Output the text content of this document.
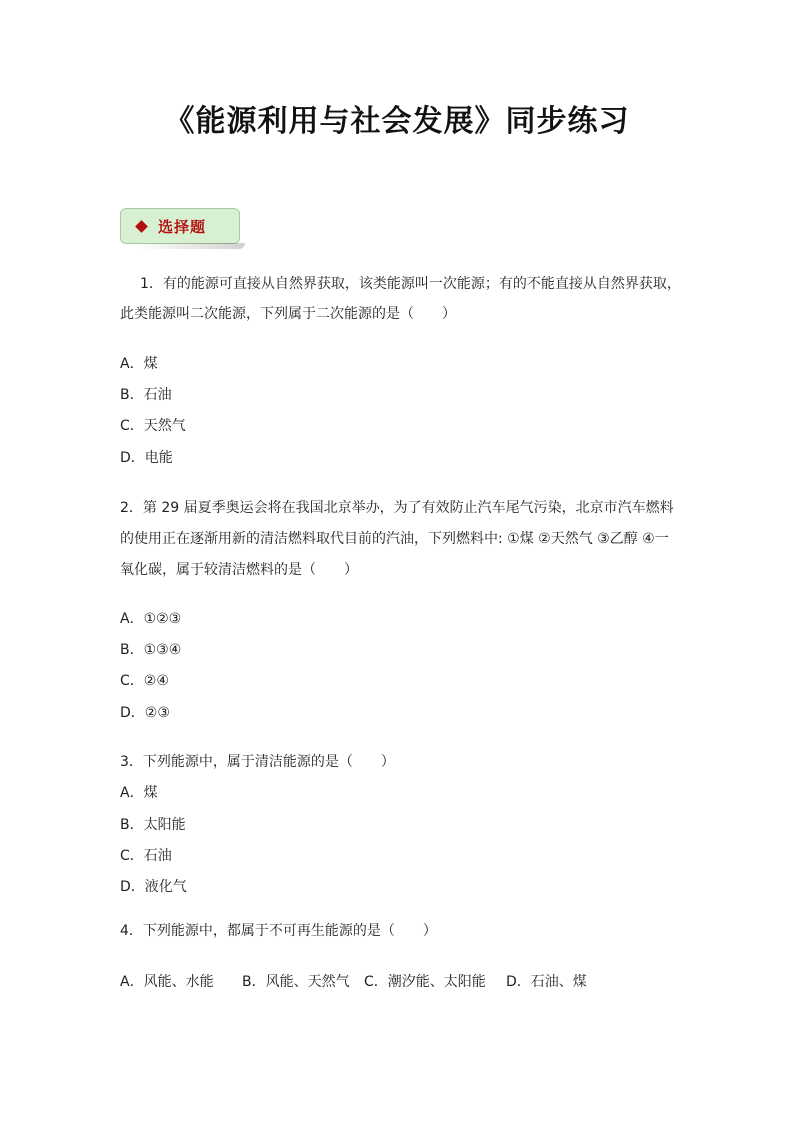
《能源利用与社会发展》同步练习
选择题
1．有的能源可直接从自然界获取，该类能源叫一次能源；有的不能直接从自然界获取，
此类能源叫二次能源，下列属于二次能源的是（　　）
A．煤
B．石油
C．天然气
D．电能
2．第 29 届夏季奥运会将在我国北京举办，为了有效防止汽车尾气污染，北京市汽车燃料
的使用正在逐渐用新的清洁燃料取代目前的汽油，下列燃料中: ①煤 ②天然气 ③乙醇 ④一
氧化碳，属于较清洁燃料的是（　　）
A．①②③
B．①③④
C．②④
D．②③
3．下列能源中，属于清洁能源的是（　　）
A．煤
B．太阳能
C．石油
D．液化气
4．下列能源中，都属于不可再生能源的是（　　）
A．风能、水能	B．风能、天然气	C．潮汐能、太阳能	D．石油、煤
